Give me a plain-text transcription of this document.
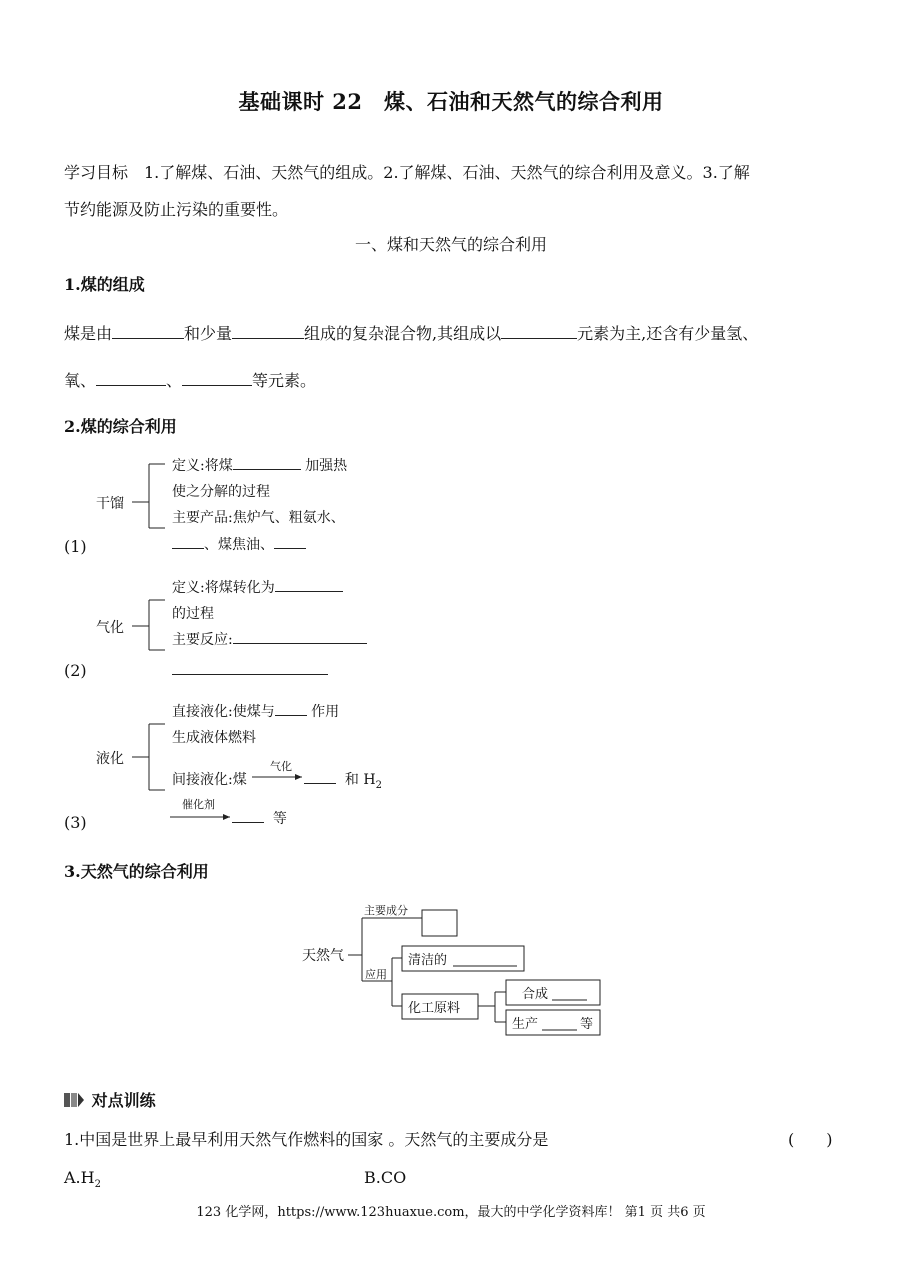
基础课时 22　煤、石油和天然气的综合利用
学习目标　1.了解煤、石油、天然气的组成。2.了解煤、石油、天然气的综合利用及意义。3.了解
节约能源及防止污染的重要性。
一、煤和天然气的综合利用
1.煤的组成
煤是由	和少量	组成的复杂混合物,其组成以	元素为主,还含有少量氢、
氧、	、	等元素。
2.煤的综合利用
干馏
定义:将煤	加强热
使之分解的过程
主要产品:焦炉气、粗氨水、
、煤焦油、
(1)
气化
定义:将煤转化为
的过程
主要反应:
(2)
液化
直接液化:使煤与	作用
生成液体燃料
间接液化:煤
气化
和 $H_2$
催化剂
等
(3)
3.天然气的综合利用
天然气
主要成分
应用
清洁的
化工原料
合成
生产	等
对点训练
1.中国是世界上最早利用天然气作燃料的国家 。天然气的主要成分是	(　　)
$A.H_2$	B.CO
123 化学网，https://www.123huaxue.com，最大的中学化学资料库！ 第1 页 共6 页
